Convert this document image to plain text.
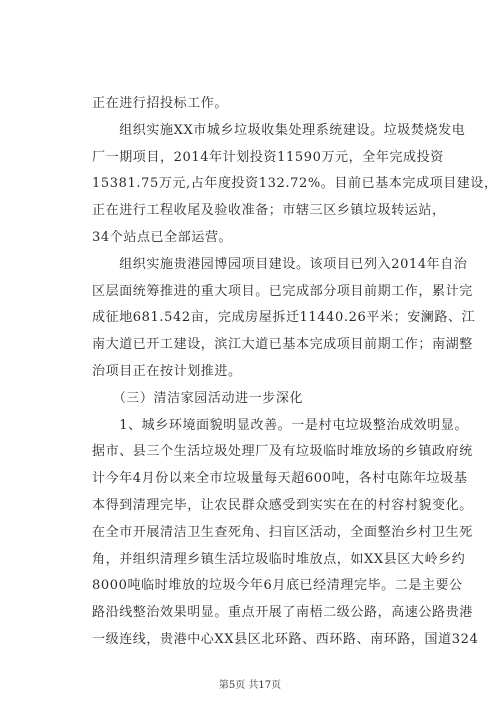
正在进行招投标工作。
　　组织实施XX市城乡垃圾收集处理系统建设。垃圾焚烧发电
厂一期项目，2014年计划投资11590万元，全年完成投资
15381.75万元,占年度投资132.72%。目前已基本完成项目建设，
正在进行工程收尾及验收准备；市辖三区乡镇垃圾转运站，
34个站点已全部运营。
　　组织实施贵港园博园项目建设。该项目已列入2014年自治
区层面统筹推进的重大项目。已完成部分项目前期工作，累计完
成征地681.542亩，完成房屋拆迁11440.26平米；安澜路、江
南大道已开工建设，滨江大道已基本完成项目前期工作；南湖整
治项目正在按计划推进。
　　（三）清洁家园活动进一步深化
　　1、城乡环境面貌明显改善。一是村屯垃圾整治成效明显。
据市、县三个生活垃圾处理厂及有垃圾临时堆放场的乡镇政府统
计今年4月份以来全市垃圾量每天超600吨，各村屯陈年垃圾基
本得到清理完毕，让农民群众感受到实实在在的村容村貌变化。
在全市开展清洁卫生查死角、扫盲区活动，全面整治乡村卫生死
角，并组织清理乡镇生活垃圾临时堆放点，如XX县区大岭乡约
8000吨临时堆放的垃圾今年6月底已经清理完毕。二是主要公
路沿线整治效果明显。重点开展了南梧二级公路，高速公路贵港
一级连线，贵港中心XX县区北环路、西环路、南环路，国道324
第5页 共17页
